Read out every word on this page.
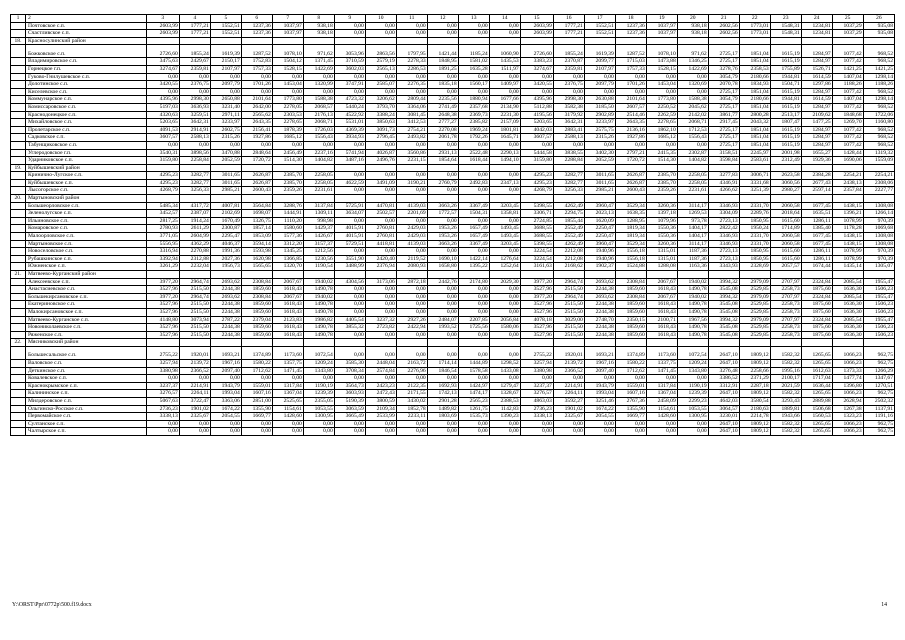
1	2	3	4	5	6	7	8	9	10	11	12	13	14	15	16	17	18	19	20	21	22	23	24	25	26
	Почтовское с.п.	2603,99	1777,21	1552,51	1237,36	1037,97	938,18	0,00	0,00	0,00	0,00	0,00	0,00	2603,99	1777,21	1552,51	1237,36	1037,97	938,18	2602,56	1773,01	1548,31	1234,81	1037,29	935,08
	Счастливское с.п.	2603,99	1777,21	1552,51	1237,36	1037,97	938,18	0,00	0,00	0,00	0,00	0,00	0,00	2603,99	1777,21	1552,51	1237,36	1037,97	938,18	2602,56	1773,01	1548,31	1234,81	1037,29	935,08
18.	Красносулинский район																								
	Божковское с.п.	2726,60	1855,24	1619,39	1287,52	1078,10	971,62	3053,96	2863,56	1797,95	1421,44	1185,24	1060,90	2726,60	1855,24	1619,39	1287,52	1078,10	971,62	2725,17	1851,04	1615,19	1284,97	1077,42	968,52
	Владимировское с.п.	3475,63	2429,67	2150,17	1752,83	1504,12	1371,45	3710,59	2579,19	2278,33	1848,95	1581,02	1435,53	3383,23	2370,87	2099,77	1715,03	1473,88	1346,25	2725,17	1851,04	1615,19	1284,97	1077,42	968,52
	Горнецкое г.п.	3274,67	2359,81	2107,97	1757,33	1528,15	1422,69	3602,03	2565,13	2286,53	1891,25	1635,28	1511,97	3274,67	2359,81	2107,97	1757,33	1528,15	1422,69	3278,76	2358,53	1755,89	1526,71	1421,25	1421,25
	Гуково-Гнилушевское с.п.	0,00	0,00	0,00	0,00	0,00	0,00	0,00	0,00	0,00	0,00	0,00	0,00	0,00	0,00	0,00	0,00	0,00	0,00	3054,79	2180,66	1944,81	1614,59	1407,04	1298,14
	Долотинское с.п.	3420,55	2376,75	2097,79	1701,26	1453,04	1320,99	3747,91	2585,07	2276,35	1835,18	1560,17	1409,97	3420,55	2376,75	2097,79	1701,26	1453,04	1320,69	2070,78	1834,93	1504,71	1297,86	1188,26	1188,26
	Киселевское с.п.	0,00	0,00	0,00	0,00	0,00	0,00	0,00	0,00	0,00	0,00	0,00	0,00	0,00	0,00	0,00	0,00	0,00	0,00	2725,17	1851,04	1615,19	1284,97	1077,42	968,52
	Коммунарское с.п.	4395,96	2998,30	2650,88	2101,64	1773,80	1588,38	4723,32	3206,62	2809,44	2235,56	1880,94	1677,66	4395,96	2998,30	2630,88	2101,64	1773,80	1588,38	3054,79	2180,66	1944,81	1614,59	1407,04	1298,14
	Комиссаровское с.п.	5197,03	3636,93	3231,40	2642,00	2278,05	2068,57	5440,24	3793,70	3364,06	2741,49	2357,68	2134,90	5112,88	3582,38	3185,50	2607,57	2250,52	2045,62	2725,17	1851,04	1615,19	1284,97	1077,42	968,52
	Краснодонецкое с.п.	4320,63	3259,51	2971,11	2565,62	2303,53	2176,13	4522,92	3388,24	3081,45	2648,38	2369,73	2231,30	4195,56	3179,92	2902,89	2514,46	2262,59	2142,02	3861,77	2800,28	2513,17	2109,62	1848,68	1722,06
	Михайловское с.п.	5203,65	3642,31	3233,97	2643,35	2278,65	2068,71	5531,01	3850,63	3412,53	2777,27	2385,82	2157,09	5203,65	3642,31	3233,97	2643,35	2278,65	2068,71	2917,45	2043,32	1807,47	1477,25	1269,70	1160,80
	Пролетарское с.п.	4091,53	2914,91	2602,75	2156,41	1878,39	1726,03	4369,39	3091,73	2754,21	2270,08	1969,24	1801,81	4042,03	2883,41	2575,75	2136,16	1862,10	1712,53	2725,17	1851,04	1615,19	1284,97	1077,42	968,52
	Садковское с.п.	3607,57	2588,13	2315,26	1927,86	1685,12	1556,43	3934,93	2796,45	2493,82	2061,78	1792,26	1645,71	3607,57	2588,13	2315,26	1927,86	1685,12	1556,43	2725,17	1851,04	1615,19	1284,97	1077,42	968,52
	Табунщиковское с.п.	0,00	0,00	0,00	0,00	0,00	0,00	0,00	0,00	0,00	0,00	0,00	0,00	0,00	0,00	0,00	0,00	0,00	0,00	2725,17	1851,04	1615,19	1284,97	1077,42	968,52
	Углеродовское г.п.	3540,31	3898,56	3470,88	2848,64	2456,49	2237,16	5741,94	4026,87	3560,86	2931,13	2522,48	2290,13	5444,58	3838,55	3402,30	2797,21	2415,35	2302,87	3158,51	2245,97	2001,98	1655,27	1428,44	1319,32
	Ударниковское с.п.	3159,80	2258,84	2052,59	1720,72	1514,30	1404,82	3487,16	2496,76	2231,15	1854,64	1618,44	1494,10	3159,80	2288,84	2052,59	1720,72	1514,30	1404,82	3598,84	2583,61	2312,49	1929,36	1690,06	1559,09
19.	Куйбышевский район																								
	Кринично-Лугское с.п.	4295,23	3282,77	3011,65	2626,87	2385,70	2258,05	0,00	0,00	0,00	0,00	0,00	0,00	4295,23	3282,77	3011,65	2626,87	2385,70	2258,05	3277,83	3006,71	2623,58	2384,28	2254,21	2254,21
	Куйбышевское с.п.	4295,23	3282,77	3011,65	2626,87	2385,70	2258,05	4622,59	3491,09	3190,21	2760,79	2492,83	2347,13	4295,23	3282,77	3011,65	2626,87	2385,70	2258,05	4346,91	3331,68	3060,56	2677,43	2438,13	2308,06
	Лысогорское с.п.	4268,79	3256,33	2985,21	2600,43	2359,26	2231,61	0,00	0,00	0,00	0,00	0,00	0,00	4268,79	3256,33	2985,21	2600,43	2359,26	2231,61	4266,62	3251,39	2980,27	2597,14	2357,84	2227,77
20.	Мартыновский район																								
	Большеорловское с.п.	5485,34	4317,72	4007,81	3564,84	3288,76	3137,84	5725,91	4470,81	4139,03	3663,26	3367,49	3203,45	5398,55	4262,49	3960,47	3529,34	3260,36	3114,17	3346,93	2331,70	2060,58	1677,45	1438,15	1308,08
	Зеленолугское с.п.	3452,57	2387,07	2102,69	1698,07	1444,91	1309,11	3634,07	2502,57	2201,69	1772,57	1504,31	1358,81	3306,71	2294,75	2023,13	1638,35	1397,18	1269,53	3304,09	2289,76	2018,64	1635,51	1396,21	1266,14
	Ильиновское с.п.	2817,25	1914,24	1670,49	1326,75	1110,20	998,98	0,00	0,00	0,00	0,00	0,00	0,00	2724,85	1855,44	1620,09	1288,95	1079,96	973,78	2723,13	1850,95	1615,60	1286,11	1078,99	970,39
	Комаровское с.п.	2780,93	2611,29	2300,87	1857,14	1580,60	1429,37	4015,91	2760,81	2429,03	1953,26	1657,49	1493,45	3688,55	2552,49	2250,47	1819,34	1550,36	1404,17	2822,42	1950,24	1714,89	1385,40	1178,28	1069,68
	Малоорловское с.п.	3771,05	2604,99	2295,47	1853,09	1577,36	1426,67	4015,91	2760,81	2429,03	1953,26	1657,49	1493,45	3688,55	2552,49	2250,47	1819,34	1550,36	1404,17	3346,93	2331,70	2060,58	1677,45	1438,15	1308,08
	Мартыновское с.п.	5556,95	4362,29	4046,37	3594,14	3312,20	3157,37	5729,51	4418,81	4139,03	3663,26	3367,49	3203,45	5398,55	4262,49	3960,47	3529,34	3260,36	3114,17	3346,93	2331,70	2060,58	1677,45	1438,15	1308,08
	Новоселовское с.п.	3316,94	2270,88	1991,36	1593,98	1345,25	1212,56	0,00	0,00	0,00	0,00	0,00	0,00	3224,54	2212,08	1940,96	1556,18	1315,01	1187,36	2723,13	1850,95	1615,60	1286,11	1078,99	970,39
	Рубашкинское с.п.	3392,94	2312,88	2027,36	1620,98	1366,85	1230,56	3551,90	2420,40	2119,52	1690,10	1422,14	1276,64	3224,54	2212,08	1940,96	1556,18	1315,01	1187,36	2723,13	1850,95	1615,60	1286,11	1078,99	970,39
	Южненское с.п.	3261,29	2232,04	1956,73	1565,65	1320,70	1190,54	3488,99	2376,94	2080,93	1658,80	1395,22	1252,64	3161,63	2168,62	1902,37	1524,88	1288,08	1163,36	3343,93	2328,69	2057,57	1674,44	1435,14	1305,07
21.	Матвеево-Курганский район																								
	Алексеевское с.п.	3977,20	2964,74	2693,62	2308,84	2067,67	1940,02	4304,56	3173,06	2872,18	2442,76	2174,80	2029,30	3977,20	2964,74	2693,62	2308,84	2067,67	1940,02	3994,32	2979,09	2707,97	2324,84	2085,54	1955,47
	Анастасиевское с.п.	3527,96	2515,50	2244,38	1859,60	1618,43	1490,78	0,00	0,00	0,00	0,00	0,00	0,00	3527,96	2515,50	2244,38	1859,60	1618,43	1490,78	3545,08	2529,85	2258,73	1875,60	1636,30	1506,23
	Большекирсановское с.п.	3977,20	2964,74	2693,62	2308,84	2067,67	1940,02	0,00	0,00	0,00	0,00	0,00	0,00	3977,20	2964,74	2693,62	2308,84	2067,67	1940,02	3994,32	2979,09	2707,97	2324,84	2085,54	1955,47
	Екатериновское с.п.	3527,96	2515,50	2244,38	1859,60	1618,43	1490,78	0,00	0,00	0,00	0,00	0,00	0,00	3527,96	2515,50	2244,38	1859,60	1618,43	1490,78	3545,08	2529,85	2258,73	1875,60	1636,30	1506,23
	Малокирсановское с.п.	3527,96	2515,50	2244,38	1859,60	1618,43	1490,78	0,00	0,00	0,00	0,00	0,00	0,00	3527,96	2515,50	2244,38	1859,60	1618,43	1490,78	3545,08	2529,85	2258,73	1875,60	1636,30	1506,23
	Матвеево-Курганское с.п.	4148,80	3073,94	2787,22	2379,04	2123,83	1986,82	4405,54	3237,32	2927,26	2484,07	2207,85	2056,84	4078,18	3029,00	2748,70	2350,15	2100,71	1967,56	3994,32	2979,09	2707,97	2324,84	2085,54	1955,47
	Новониколаевское с.п.	3527,96	2515,50	2244,38	1859,60	1618,43	1490,78	3855,32	2723,82	2422,94	1993,52	1725,56	1580,06	3527,96	2515,50	2244,38	1859,60	1618,43	1490,78	3545,08	2529,85	2258,73	1875,60	1636,30	1506,23
	Ряженское с.п.	3527,96	2515,50	2244,38	1859,60	1618,43	1490,78	0,00	0,00	0,00	0,00	0,00	0,00	3527,96	2515,50	2244,38	1859,60	1618,43	1490,78	3545,08	2529,85	2258,73	1875,60	1636,30	1506,23
22.	Мясниковский район																								
	Большесальское с.п.	2755,22	1920,01	1693,21	1374,89	1173,60	1072,54	0,00	0,00	0,00	0,00	0,00	0,00	2755,22	1920,01	1693,21	1374,89	1173,60	1072,54	2647,10	1809,12	1582,32	1265,65	1066,23	962,75
	Валовское с.п.	3257,94	2139,72	1967,16	1580,22	1357,75	1209,24	3585,30	2448,04	2163,72	1714,14	1444,89	1298,52	3257,94	2139,72	1967,16	1580,22	1337,75	1209,24	2647,10	1809,12	1582,32	1265,65	1066,23	962,75
	Деткинское с.п.	3380,98	2366,52	2097,40	1712,62	1471,45	1343,80	3708,34	2574,84	2276,96	1846,54	1578,58	1433,08	3380,98	2366,52	2097,40	1712,62	1471,45	1343,80	3276,48	2258,66	1995,16	1612,63	1373,33	1266,29
	Ковалевское с.п.	0,00	0,00	0,00	0,00	0,00	0,00	0,00	0,00	0,00	0,00	0,00	0,00	0,00	0,00	0,00	0,00	0,00	0,00	3386,52	2371,29	2100,17	1717,04	1477,74	1347,67
	Краснокрымское с.п.	3237,37	2214,91	1943,79	1559,01	1317,84	1190,19	3564,73	2423,23	2122,35	1692,93	1424,97	1279,47	3237,37	2214,91	1943,79	1559,01	1317,84	1190,19	3312,91	2287,18	2021,59	1636,44	1396,80	1270,51
	Калининское с.п.	3276,57	2264,11	1993,04	1607,16	1367,04	1239,39	3603,93	2472,43	2171,55	1742,13	1474,17	1328,67	3276,57	2264,11	1993,04	1607,16	1367,04	1239,39	2647,10	1809,12	1582,32	1265,65	1066,23	962,75
	Милдеровское с.п.	5067,63	3722,47	3363,06	2851,00	2525,65	2355,05	5190,39	3800,59	3430,02	2901,28	2565,23	2388,53	4863,03	3592,27	3251,46	2767,36	2458,09	2299,23	4642,03	3580,54	3293,43	2889,88	2628,94	2502,32
	Ольгинско-Росское с.п.	2736,23	1901,02	1674,22	1355,90	1154,61	1053,55	3063,59	2109,34	1852,78	1489,82	1261,75	1142,83	2736,23	1901,02	1674,22	1355,90	1154,61	1053,55	3064,57	2180,63	1889,81	1506,68	1267,38	1137,91
	Первомайское с.п.	3338,13	2325,67	2054,55	1669,77	1428,60	1300,95	3665,49	2533,99	2233,11	1803,69	1535,73	1390,23	3338,13	2325,67	2054,55	1669,77	1428,60	1300,95	3230,01	2214,78	1943,66	1560,53	1323,23	1191,16
	Султанское с.п.	0,00	0,00	0,00	0,00	0,00	0,00	0,00	0,00	0,00	0,00	0,00	0,00	0,00	0,00	0,00	0,00	0,00	0,00	2647,10	1809,12	1582,32	1265,65	1066,23	962,75
	Чалтырское с.п.	0,00	0,00	0,00	0,00	0,00	0,00	0,00	0,00	0,00	0,00	0,00	0,00	0,00	0,00	0,00	0,00	0,00	0,00	2647,10	1809,12	1582,32	1265,65	1066,23	962,75
Y:\ORST\Ppr\0772p\500.f19.docx	14
